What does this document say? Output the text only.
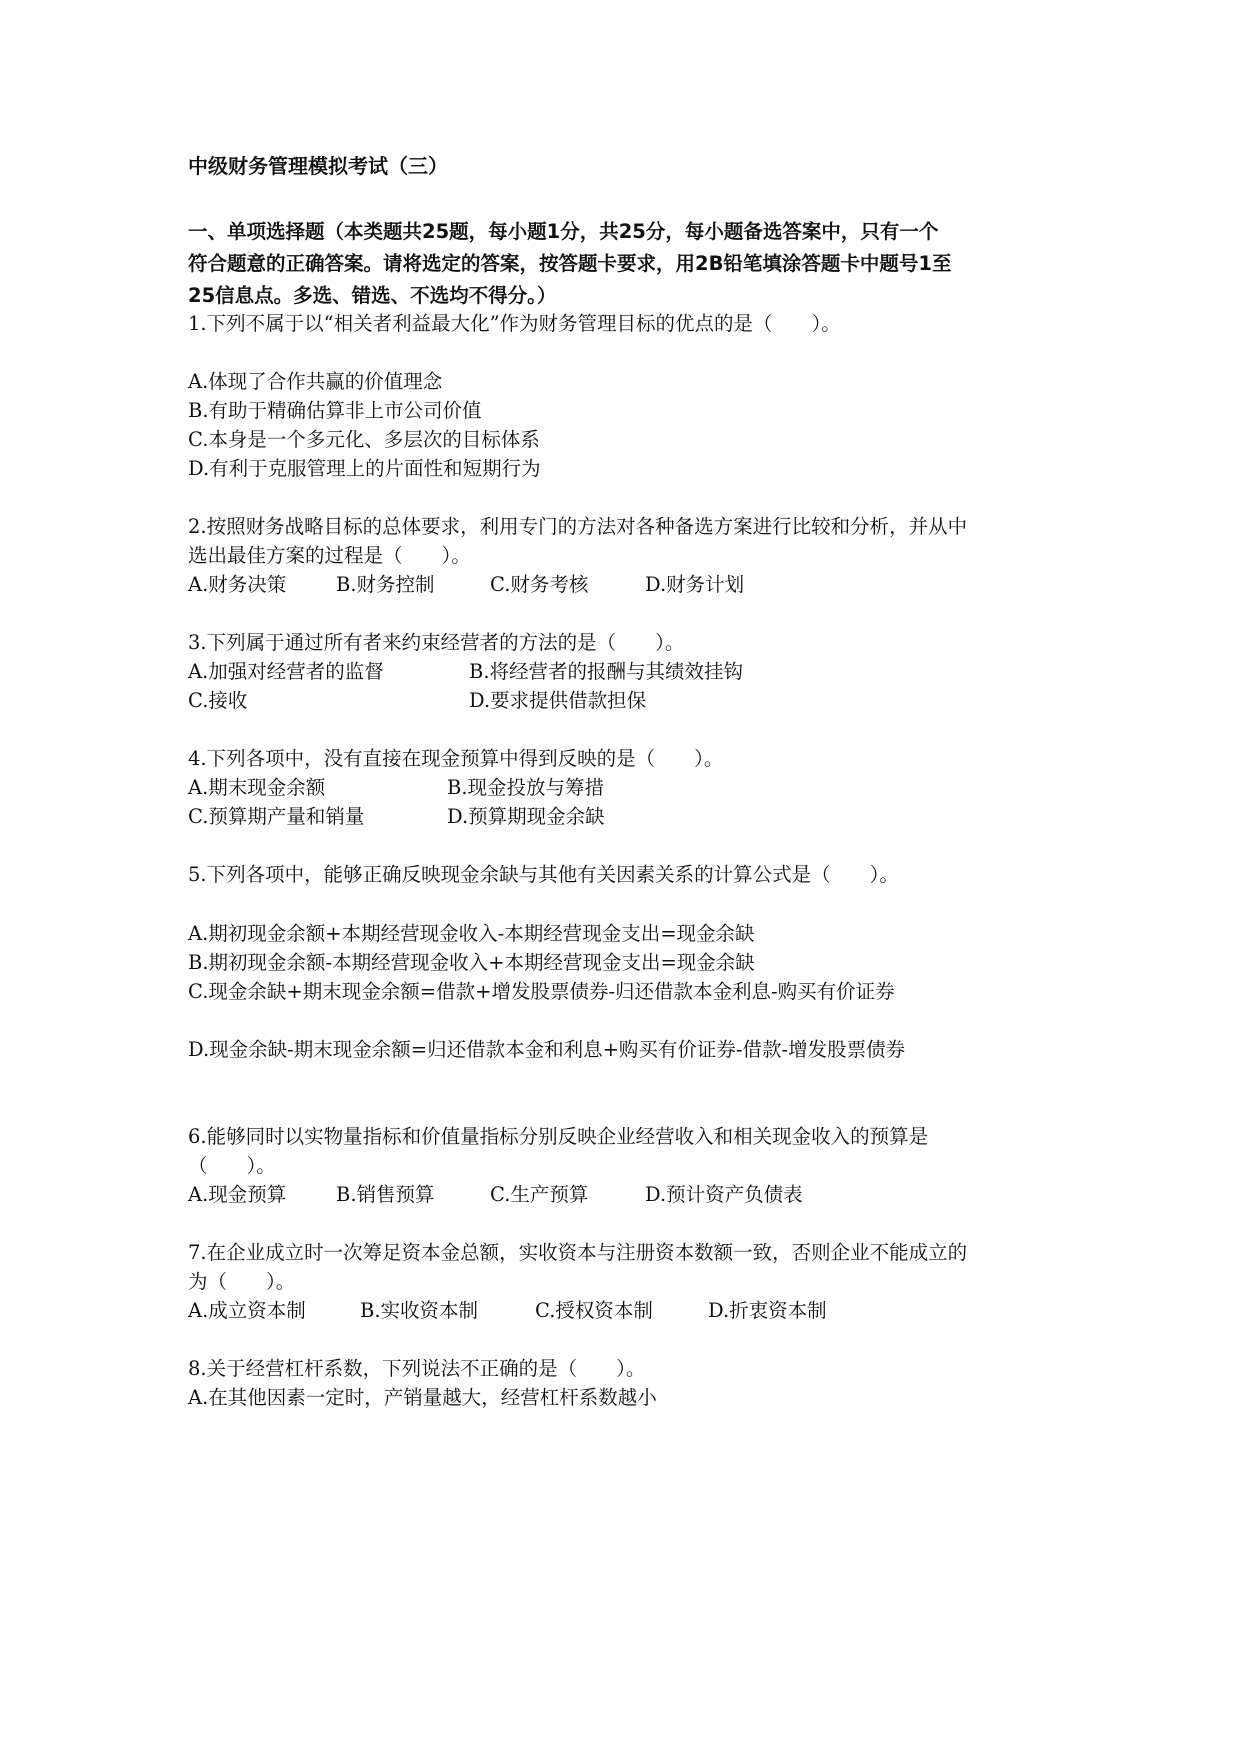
中级财务管理模拟考试（三）

一、单项选择题（本类题共25题，每小题1分，共25分，每小题备选答案中，只有一个

符合题意的正确答案。请将选定的答案，按答题卡要求，用2B铅笔填涂答题卡中题号1至

25信息点。多选、错选、不选均不得分。）

1.下列不属于以“相关者利益最大化”作为财务管理目标的优点的是（　　）。
A.体现了合作共赢的价值理念
B.有助于精确估算非上市公司价值
C.本身是一个多元化、多层次的目标体系
D.有利于克服管理上的片面性和短期行为
2.按照财务战略目标的总体要求，利用专门的方法对各种备选方案进行比较和分析，并从中
选出最佳方案的过程是（　　）。
A.财务决策	B.财务控制	C.财务考核	D.财务计划
3.下列属于通过所有者来约束经营者的方法的是（　　）。
A.加强对经营者的监督	B.将经营者的报酬与其绩效挂钩
C.接收	D.要求提供借款担保
4.下列各项中，没有直接在现金预算中得到反映的是（　　）。
A.期末现金余额	B.现金投放与筹措
C.预算期产量和销量	D.预算期现金余缺
5.下列各项中，能够正确反映现金余缺与其他有关因素关系的计算公式是（　　）。
A.期初现金余额+本期经营现金收入-本期经营现金支出=现金余缺
B.期初现金余额-本期经营现金收入+本期经营现金支出=现金余缺
C.现金余缺+期末现金余额=借款+增发股票债券-归还借款本金利息-购买有价证券
D.现金余缺-期末现金余额=归还借款本金和利息+购买有价证券-借款-增发股票债券
6.能够同时以实物量指标和价值量指标分别反映企业经营收入和相关现金收入的预算是
（　　）。
A.现金预算	B.销售预算	C.生产预算	D.预计资产负债表
7.在企业成立时一次筹足资本金总额，实收资本与注册资本数额一致，否则企业不能成立的
为（　　）。
A.成立资本制	B.实收资本制	C.授权资本制	D.折衷资本制
8.关于经营杠杆系数，下列说法不正确的是（　　）。
A.在其他因素一定时，产销量越大，经营杠杆系数越小
